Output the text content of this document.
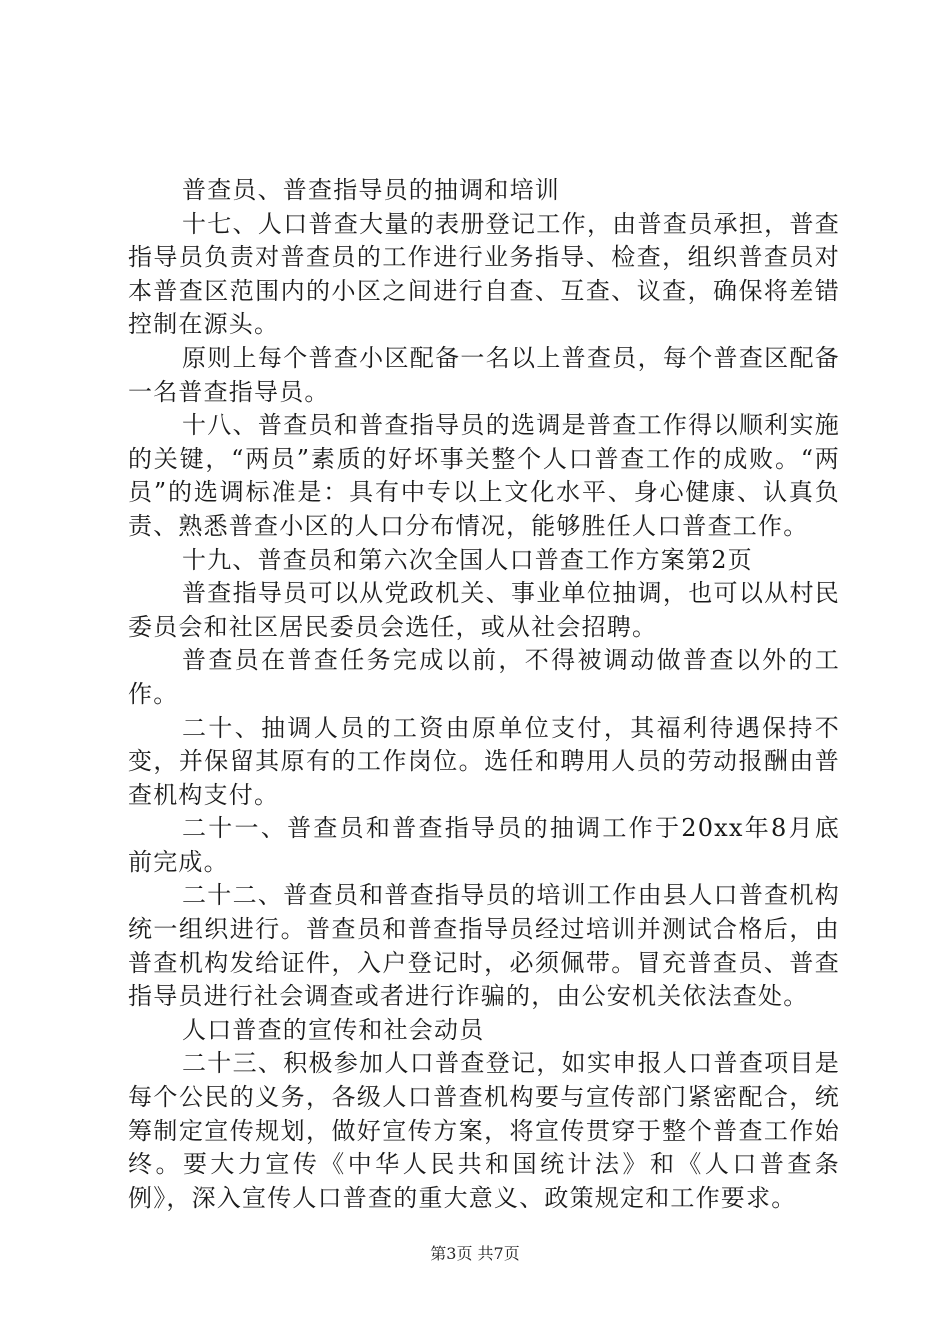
普查员、普查指导员的抽调和培训

十七、人口普查大量的表册登记工作，由普查员承担，普查指导员负责对普查员的工作进行业务指导、检查，组织普查员对本普查区范围内的小区之间进行自查、互查、议查，确保将差错控制在源头。

原则上每个普查小区配备一名以上普查员，每个普查区配备一名普查指导员。

十八、普查员和普查指导员的选调是普查工作得以顺利实施的关键，“两员”素质的好坏事关整个人口普查工作的成败。“两员”的选调标准是：具有中专以上文化水平、身心健康、认真负责、熟悉普查小区的人口分布情况，能够胜任人口普查工作。

十九、普查员和第六次全国人口普查工作方案第2页

普查指导员可以从党政机关、事业单位抽调，也可以从村民委员会和社区居民委员会选任，或从社会招聘。

普查员在普查任务完成以前，不得被调动做普查以外的工作。

二十、抽调人员的工资由原单位支付，其福利待遇保持不变，并保留其原有的工作岗位。选任和聘用人员的劳动报酬由普查机构支付。

二十一、普查员和普查指导员的抽调工作于20xx年8月底前完成。

二十二、普查员和普查指导员的培训工作由县人口普查机构统一组织进行。普查员和普查指导员经过培训并测试合格后，由普查机构发给证件，入户登记时，必须佩带。冒充普查员、普查指导员进行社会调查或者进行诈骗的，由公安机关依法查处。

人口普查的宣传和社会动员

二十三、积极参加人口普查登记，如实申报人口普查项目是每个公民的义务，各级人口普查机构要与宣传部门紧密配合，统筹制定宣传规划，做好宣传方案，将宣传贯穿于整个普查工作始终。要大力宣传《中华人民共和国统计法》和《人口普查条例》，深入宣传人口普查的重大意义、政策规定和工作要求。

第3页 共7页
